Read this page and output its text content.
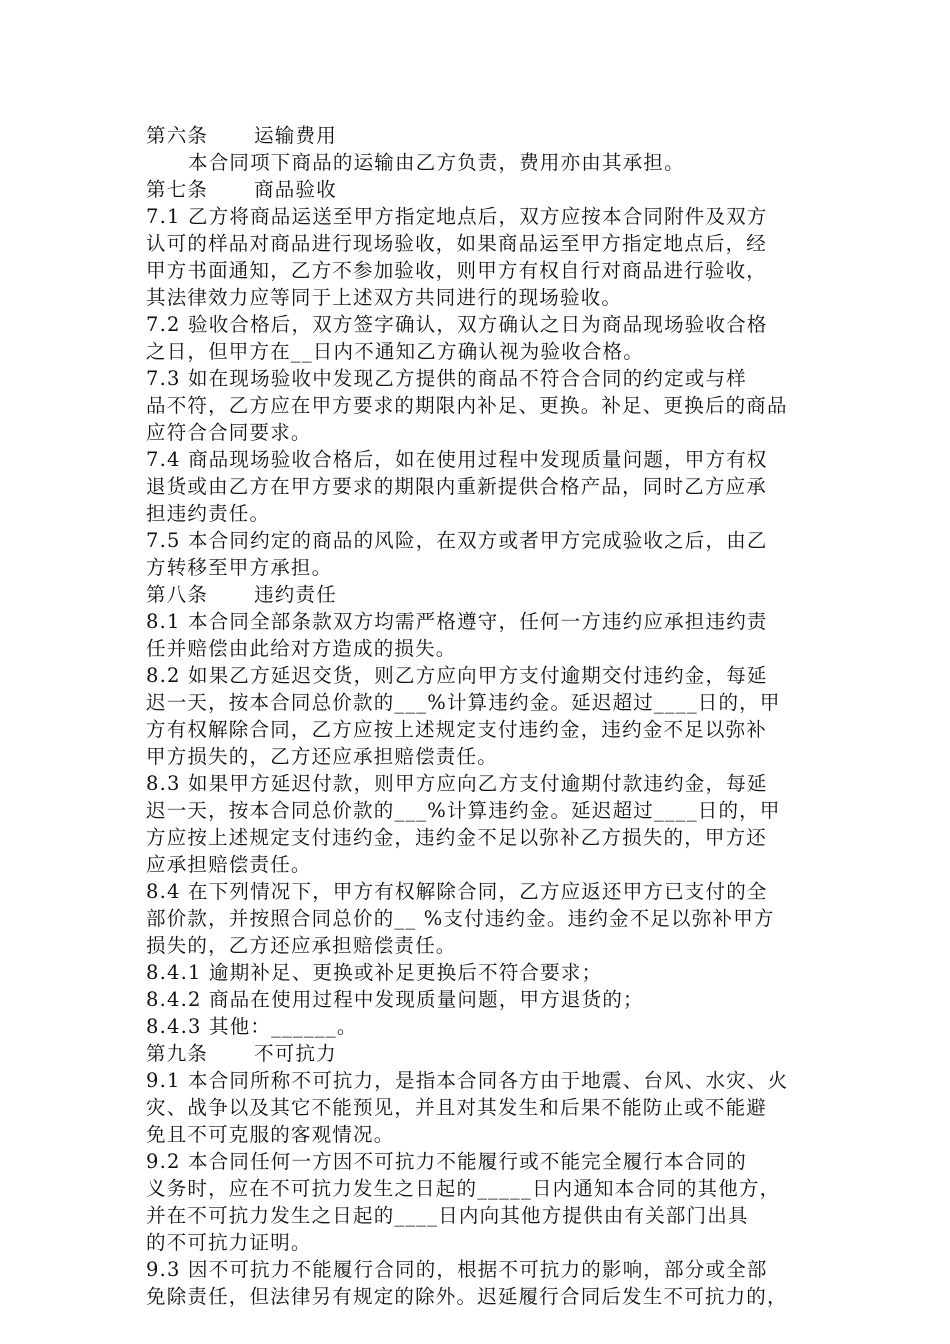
第六条 运输费用
本合同项下商品的运输由乙方负责，费用亦由其承担。
第七条 商品验收
7.1 乙方将商品运送至甲方指定地点后，双方应按本合同附件及双方
认可的样品对商品进行现场验收，如果商品运至甲方指定地点后，经
甲方书面通知，乙方不参加验收，则甲方有权自行对商品进行验收，
其法律效力应等同于上述双方共同进行的现场验收。
7.2 验收合格后，双方签字确认，双方确认之日为商品现场验收合格
之日，但甲方在__日内不通知乙方确认视为验收合格。
7.3 如在现场验收中发现乙方提供的商品不符合合同的约定或与样
品不符，乙方应在甲方要求的期限内补足、更换。补足、更换后的商品
应符合合同要求。
7.4 商品现场验收合格后，如在使用过程中发现质量问题，甲方有权
退货或由乙方在甲方要求的期限内重新提供合格产品，同时乙方应承
担违约责任。
7.5 本合同约定的商品的风险，在双方或者甲方完成验收之后，由乙
方转移至甲方承担。
第八条 违约责任
8.1 本合同全部条款双方均需严格遵守，任何一方违约应承担违约责
任并赔偿由此给对方造成的损失。
8.2 如果乙方延迟交货，则乙方应向甲方支付逾期交付违约金，每延
迟一天，按本合同总价款的___%计算违约金。延迟超过____日的，甲
方有权解除合同，乙方应按上述规定支付违约金，违约金不足以弥补
甲方损失的，乙方还应承担赔偿责任。
8.3 如果甲方延迟付款，则甲方应向乙方支付逾期付款违约金，每延
迟一天，按本合同总价款的___%计算违约金。延迟超过____日的，甲
方应按上述规定支付违约金，违约金不足以弥补乙方损失的，甲方还
应承担赔偿责任。
8.4 在下列情况下，甲方有权解除合同，乙方应返还甲方已支付的全
部价款，并按照合同总价的__ %支付违约金。违约金不足以弥补甲方
损失的，乙方还应承担赔偿责任。
8.4.1 逾期补足、更换或补足更换后不符合要求；
8.4.2 商品在使用过程中发现质量问题，甲方退货的；
8.4.3 其他：______。
第九条 不可抗力
9.1 本合同所称不可抗力，是指本合同各方由于地震、台风、水灾、火
灾、战争以及其它不能预见，并且对其发生和后果不能防止或不能避
免且不可克服的客观情况。
9.2 本合同任何一方因不可抗力不能履行或不能完全履行本合同的
义务时，应在不可抗力发生之日起的_____日内通知本合同的其他方，
并在不可抗力发生之日起的____日内向其他方提供由有关部门出具
的不可抗力证明。
9.3 因不可抗力不能履行合同的，根据不可抗力的影响，部分或全部
免除责任，但法律另有规定的除外。迟延履行合同后发生不可抗力的，
